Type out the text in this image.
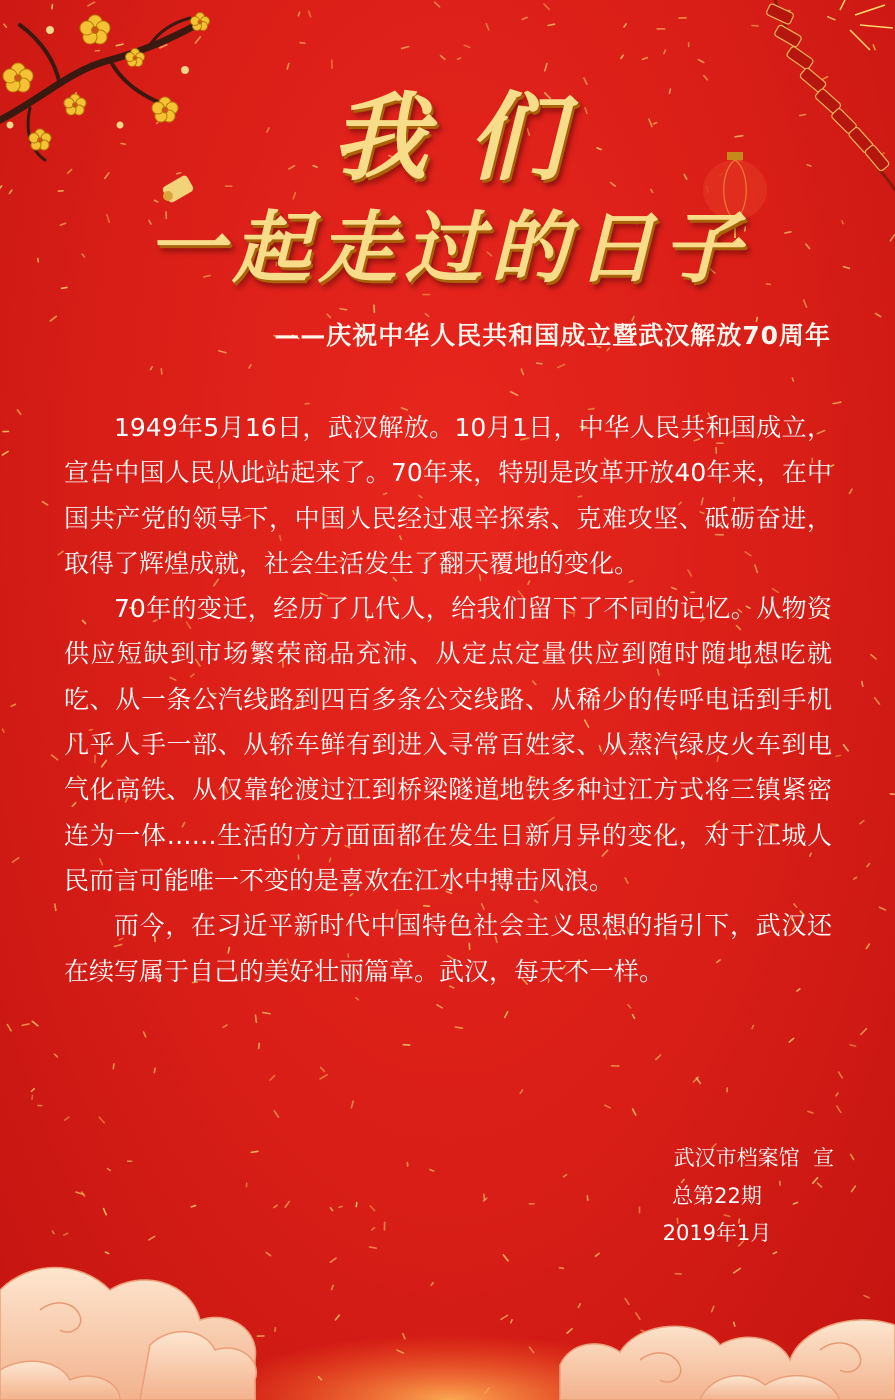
我们
一起走过的日子
——庆祝中华人民共和国成立暨武汉解放70周年

1949年5月16日，武汉解放。10月1日，中华人民共和国成立，宣告中国人民从此站起来了。70年来，特别是改革开放40年来，在中国共产党的领导下，中国人民经过艰辛探索、克难攻坚、砥砺奋进，取得了辉煌成就，社会生活发生了翻天覆地的变化。

70年的变迁，经历了几代人，给我们留下了不同的记忆。从物资供应短缺到市场繁荣商品充沛、从定点定量供应到随时随地想吃就吃、从一条公汽线路到四百多条公交线路、从稀少的传呼电话到手机几乎人手一部、从轿车鲜有到进入寻常百姓家、从蒸汽绿皮火车到电气化高铁、从仅靠轮渡过江到桥梁隧道地铁多种过江方式将三镇紧密连为一体……生活的方方面面都在发生日新月异的变化，对于江城人民而言可能唯一不变的是喜欢在江水中搏击风浪。

而今，在习近平新时代中国特色社会主义思想的指引下，武汉还在续写属于自己的美好壮丽篇章。武汉，每天不一样。

武汉市档案馆  宣
总第22期
2019年1月
